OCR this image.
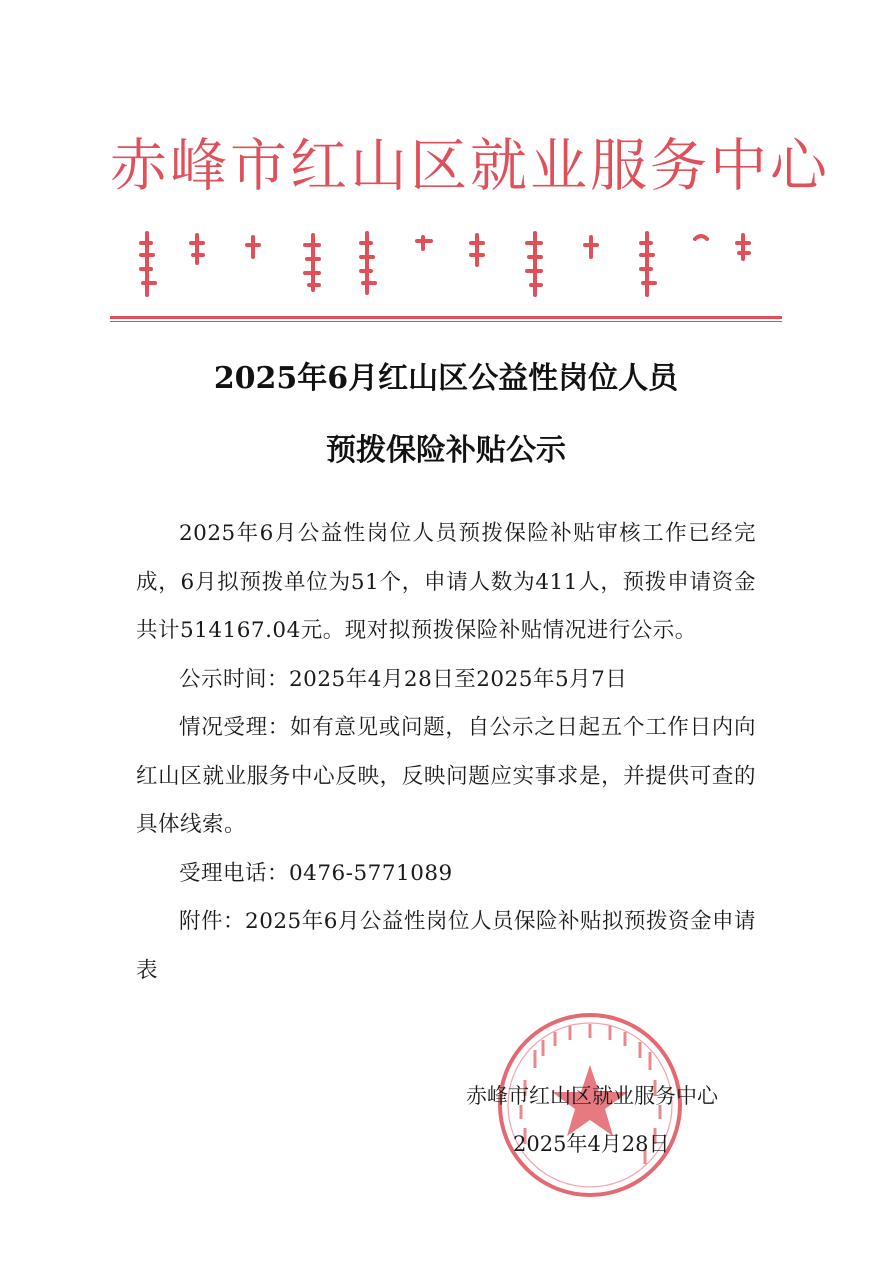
赤峰市红山区就业服务中心
2025年6月红山区公益性岗位人员
预拨保险补贴公示

2025年6月公益性岗位人员预拨保险补贴审核工作已经完成，6月拟预拨单位为51个，申请人数为411人，预拨申请资金共计514167.04元。现对拟预拨保险补贴情况进行公示。

公示时间：2025年4月28日至2025年5月7日

情况受理：如有意见或问题，自公示之日起五个工作日内向红山区就业服务中心反映，反映问题应实事求是，并提供可查的具体线索。

受理电话：0476-5771089

附件：2025年6月公益性岗位人员保险补贴拟预拨资金申请表

赤峰市红山区就业服务中心
2025年4月28日
